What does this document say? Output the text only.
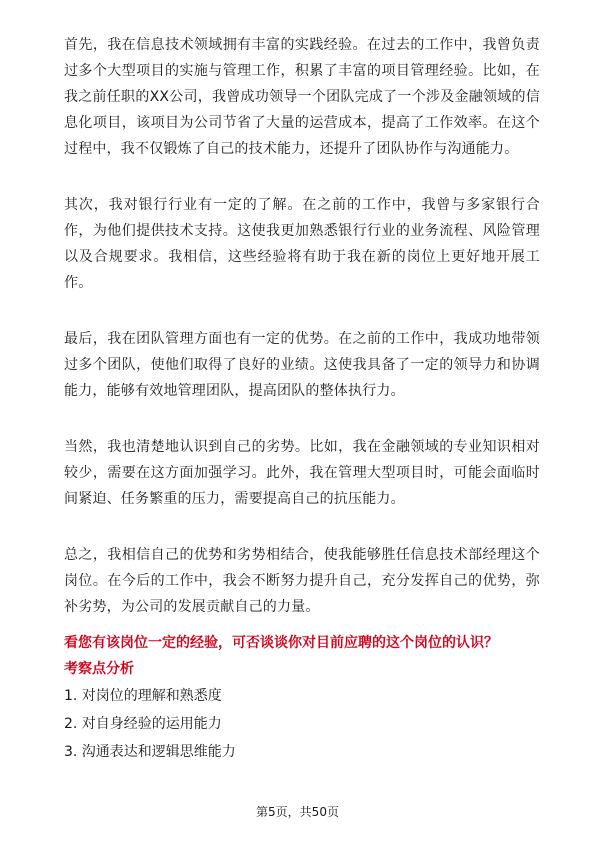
首先，我在信息技术领域拥有丰富的实践经验。在过去的工作中，我曾负责过多个大型项目的实施与管理工作，积累了丰富的项目管理经验。比如，在我之前任职的XX公司，我曾成功领导一个团队完成了一个涉及金融领域的信息化项目，该项目为公司节省了大量的运营成本，提高了工作效率。在这个过程中，我不仅锻炼了自己的技术能力，还提升了团队协作与沟通能力。

其次，我对银行行业有一定的了解。在之前的工作中，我曾与多家银行合作，为他们提供技术支持。这使我更加熟悉银行行业的业务流程、风险管理以及合规要求。我相信，这些经验将有助于我在新的岗位上更好地开展工作。

最后，我在团队管理方面也有一定的优势。在之前的工作中，我成功地带领过多个团队，使他们取得了良好的业绩。这使我具备了一定的领导力和协调能力，能够有效地管理团队，提高团队的整体执行力。

当然，我也清楚地认识到自己的劣势。比如，我在金融领域的专业知识相对较少，需要在这方面加强学习。此外，我在管理大型项目时，可能会面临时间紧迫、任务繁重的压力，需要提高自己的抗压能力。

总之，我相信自己的优势和劣势相结合，使我能够胜任信息技术部经理这个岗位。在今后的工作中，我会不断努力提升自己，充分发挥自己的优势，弥补劣势，为公司的发展贡献自己的力量。

看您有该岗位一定的经验，可否谈谈你对目前应聘的这个岗位的认识？

考察点分析

1. 对岗位的理解和熟悉度
2. 对自身经验的运用能力
3. 沟通表达和逻辑思维能力
第5页，共50页
